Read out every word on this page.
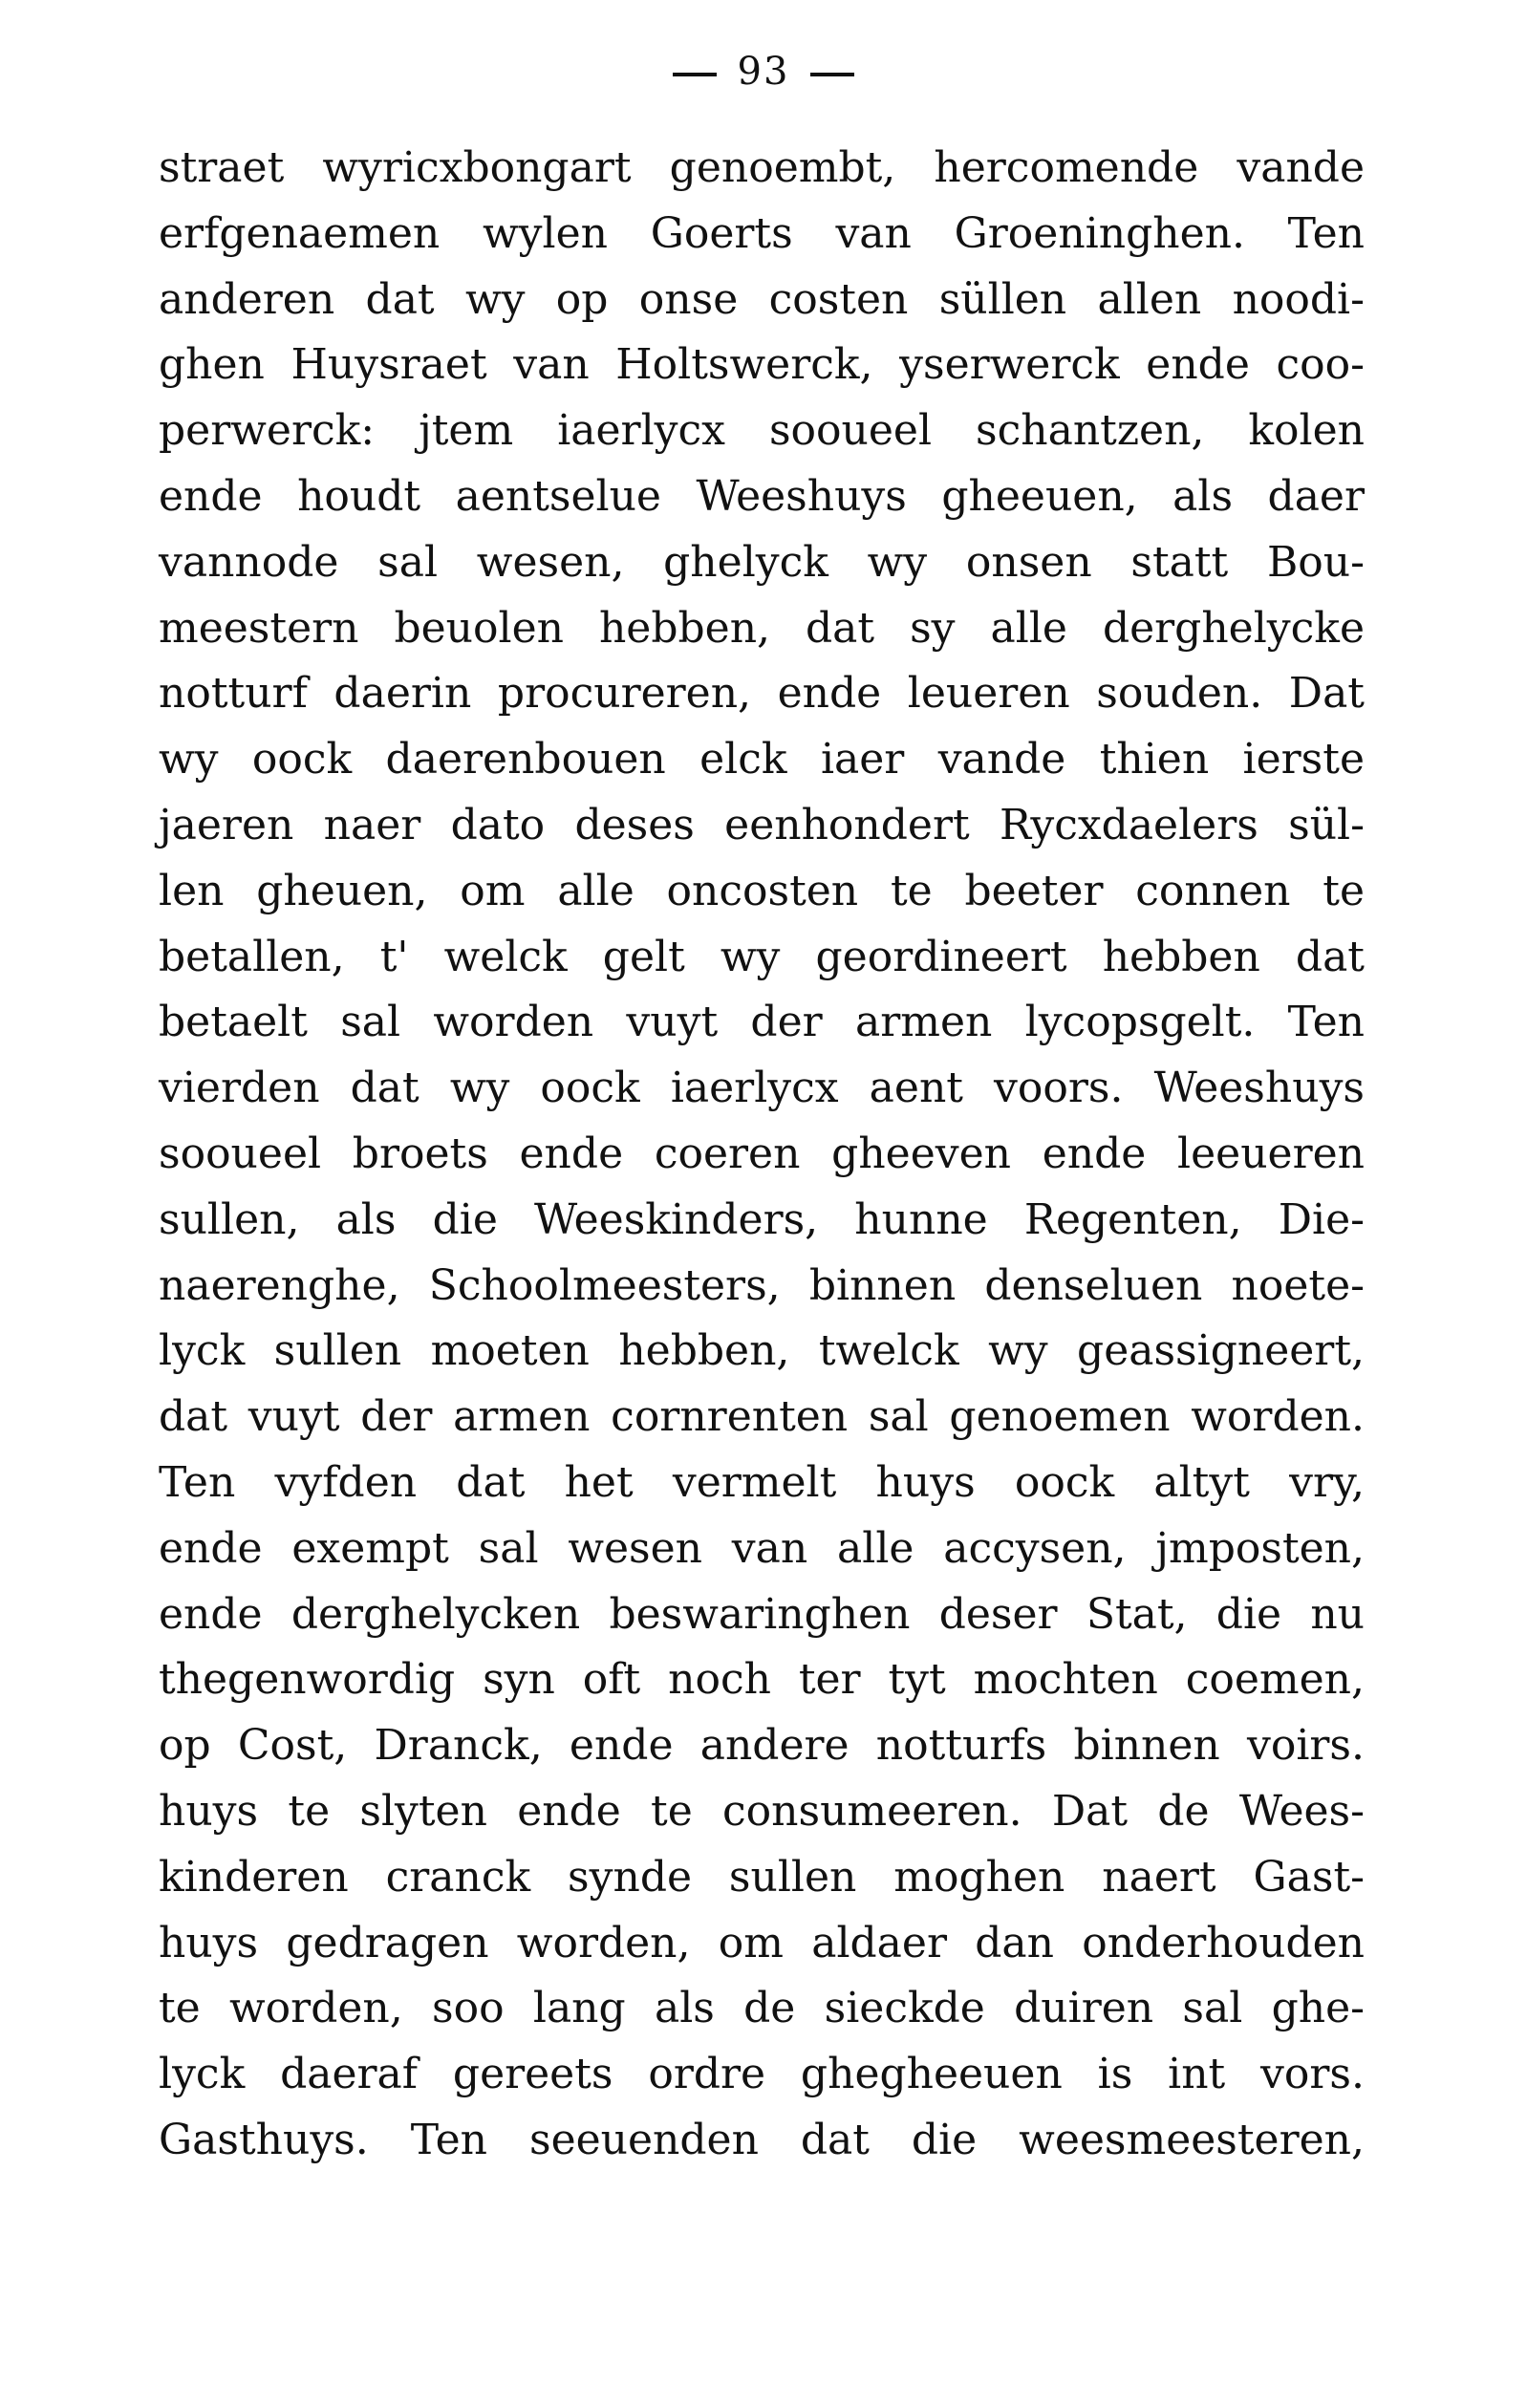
93
straet wyricxbongart genoembt, hercomende vande
erfgenaemen wylen Goerts van Groeninghen. Ten
anderen dat wy op onse costen süllen allen noodi-
ghen Huysraet van Holtswerck, yserwerck ende coo-
perwerck: jtem iaerlycx sooueel schantzen, kolen
ende houdt aentselue Weeshuys gheeuen, als daer
vannode sal wesen, ghelyck wy onsen statt Bou-
meestern beuolen hebben, dat sy alle derghelycke
notturf daerin procureren, ende leueren souden. Dat
wy oock daerenbouen elck iaer vande thien ierste
jaeren naer dato deses eenhondert Rycxdaelers sül-
len gheuen, om alle oncosten te beeter connen te
betallen, t' welck gelt wy geordineert hebben dat
betaelt sal worden vuyt der armen lycopsgelt. Ten
vierden dat wy oock iaerlycx aent voors. Weeshuys
sooueel broets ende coeren gheeven ende leeueren
sullen, als die Weeskinders, hunne Regenten, Die-
naerenghe, Schoolmeesters, binnen denseluen noete-
lyck sullen moeten hebben, twelck wy geassigneert,
dat vuyt der armen cornrenten sal genoemen worden.
Ten vyfden dat het vermelt huys oock altyt vry,
ende exempt sal wesen van alle accysen, jmposten,
ende derghelycken beswaringhen deser Stat, die nu
thegenwordig syn oft noch ter tyt mochten coemen,
op Cost, Dranck, ende andere notturfs binnen voirs.
huys te slyten ende te consumeeren. Dat de Wees-
kinderen cranck synde sullen moghen naert Gast-
huys gedragen worden, om aldaer dan onderhouden
te worden, soo lang als de sieckde duiren sal ghe-
lyck daeraf gereets ordre ghegheeuen is int vors.
Gasthuys. Ten seeuenden dat die weesmeesteren,
